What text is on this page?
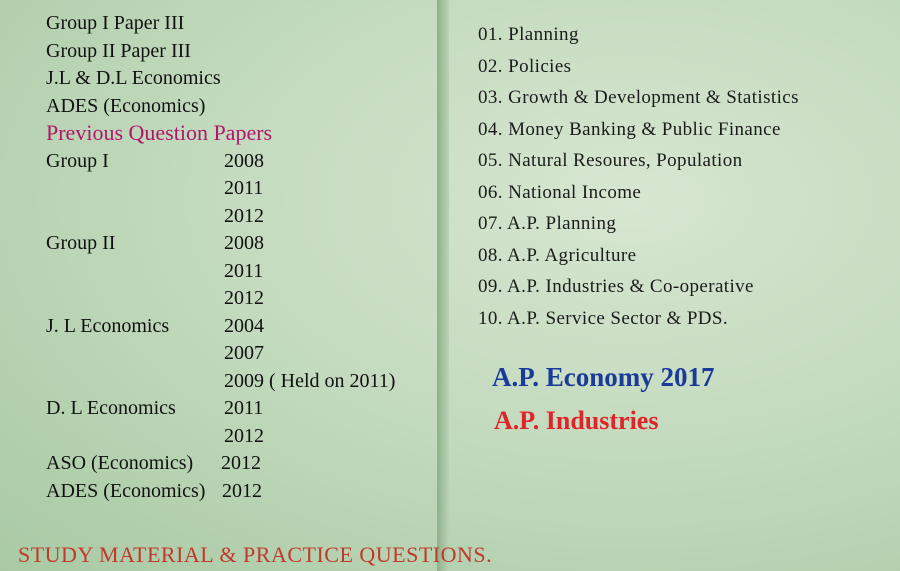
Group I Paper III
Group II Paper III
J.L & D.L Economics
ADES (Economics)
Previous Question Papers
Group I	2008
2011
2012
Group II	2008
2011
2012
J. L Economics	2004
2007
2009 ( Held on 2011)
D. L Economics 2011
2012
ASO (Economics) 2012
ADES (Economics) 2012
01. Planning
02. Policies
03. Growth & Development & Statistics
04. Money Banking & Public Finance
05. Natural Resoures, Population
06. National Income
07. A.P. Planning
08. A.P. Agriculture
09. A.P. Industries & Co-operative
10. A.P. Service Sector & PDS.
A.P. Economy 2017
A.P. Industries
STUDY MATERIAL & PRACTICE QUESTIONS.
